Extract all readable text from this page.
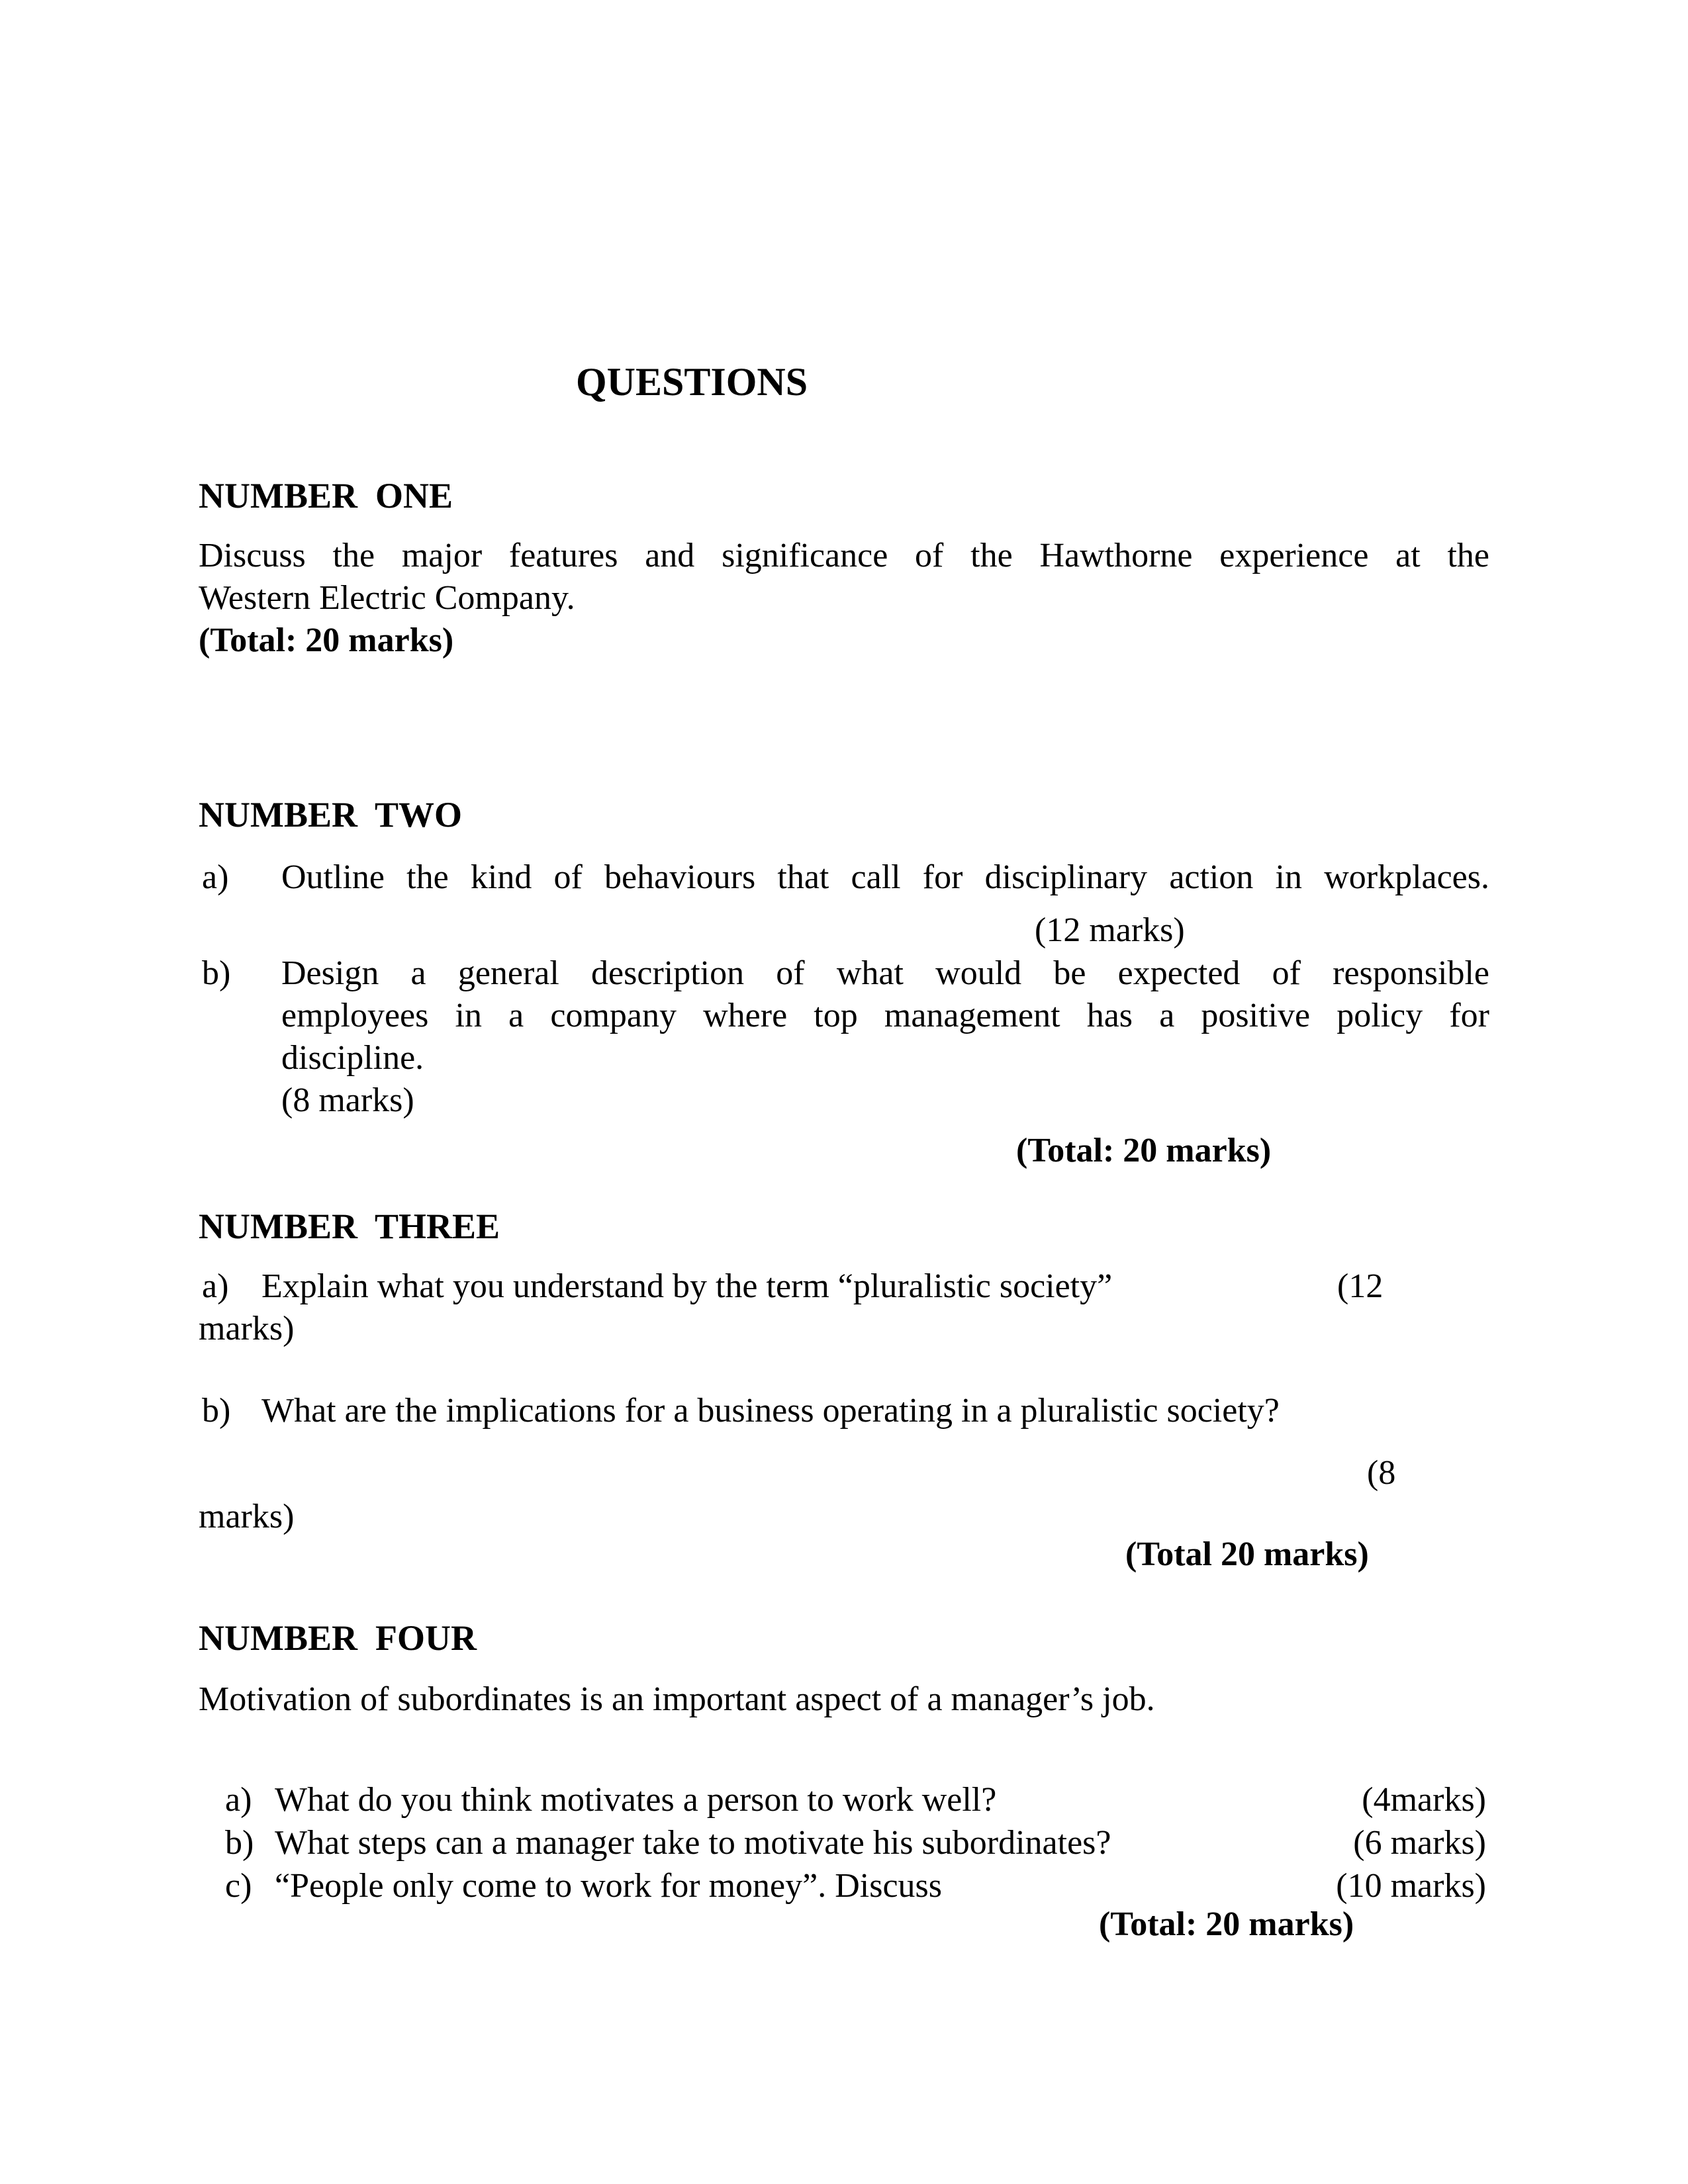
QUESTIONS
NUMBER  ONE
Discuss the major features and significance of the Hawthorne experience at the
Western Electric Company.
(Total: 20 marks)
NUMBER  TWO
a) Outline the kind of behaviours that call for disciplinary action in workplaces.
(12 marks)
b) Design a general description of what would be expected of responsible
employees in a company where top management has a positive policy for
discipline.
(8 marks)
(Total: 20 marks)
NUMBER  THREE
a) Explain what you understand by the term “pluralistic society”	(12
marks)
b) What are the implications for a business operating in a pluralistic society?
(8
marks)
(Total 20 marks)
NUMBER  FOUR
Motivation of subordinates is an important aspect of a manager’s job.
a) What do you think motivates a person to work well?	(4marks)
b) What steps can a manager take to motivate his subordinates?	(6 marks)
c) “People only come to work for money”. Discuss	(10 marks)
(Total: 20 marks)
